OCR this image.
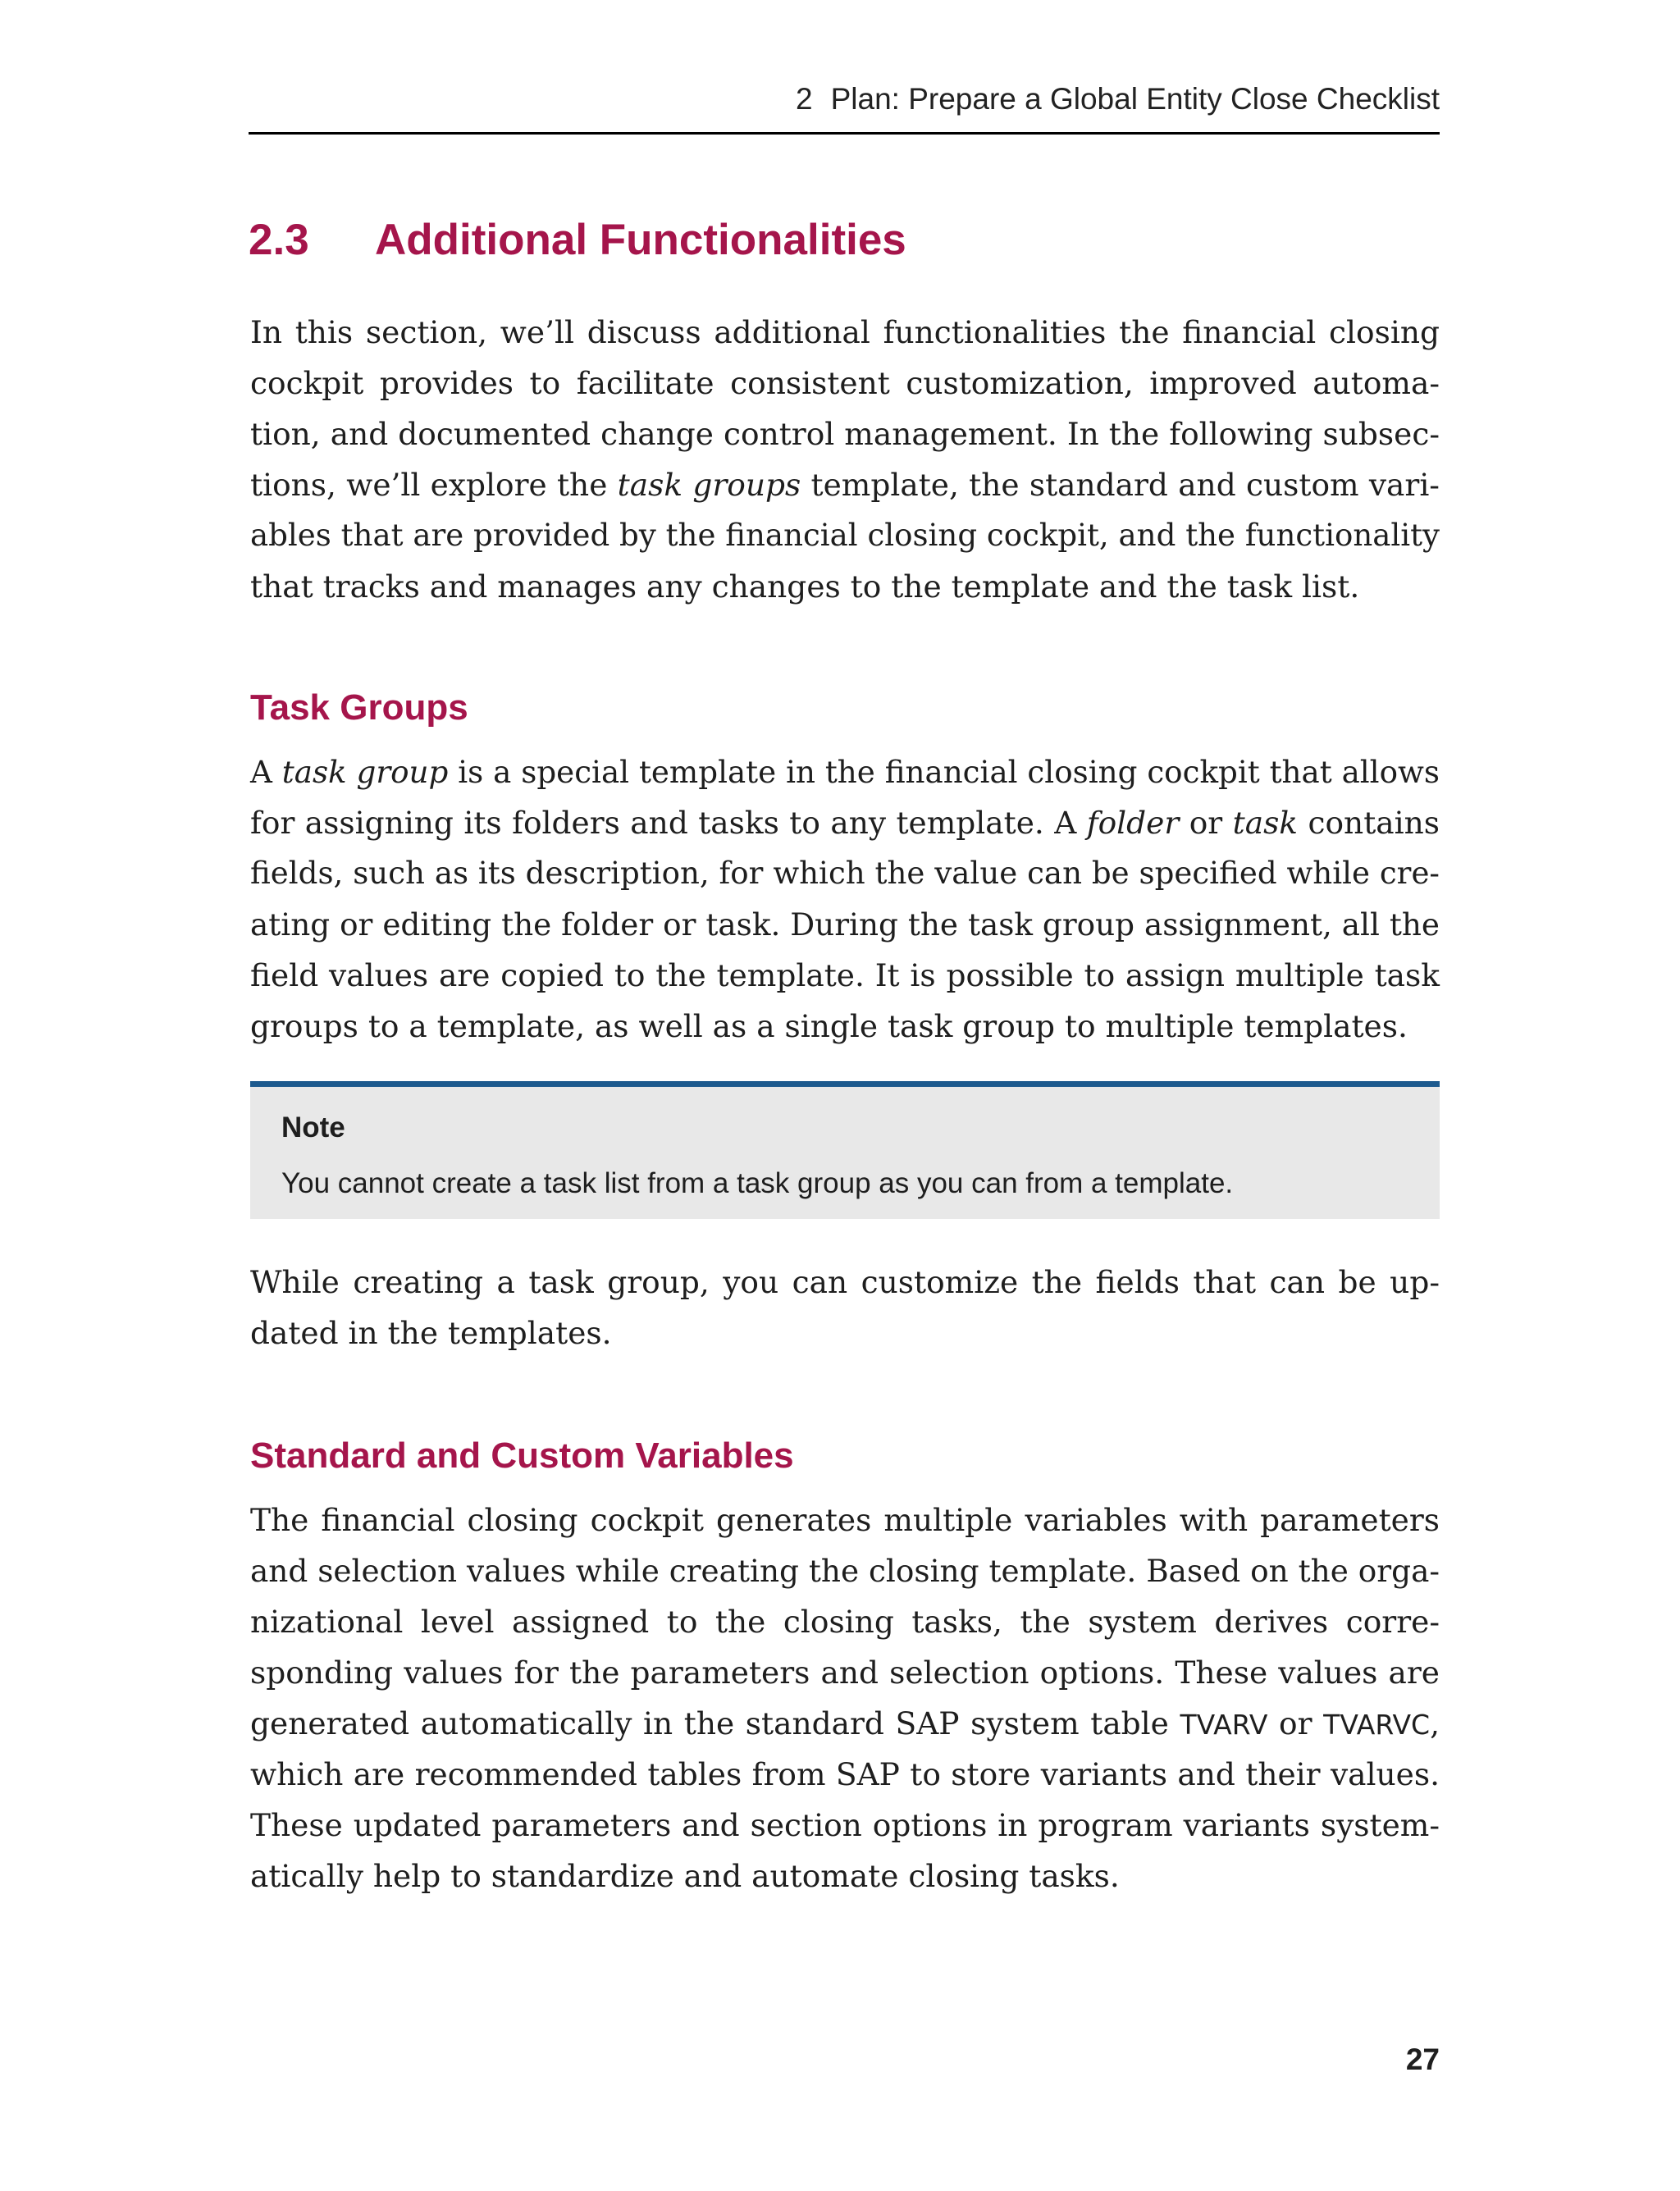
2 Plan: Prepare a Global Entity Close Checklist
2.3 Additional Functionalities
In this section, we’ll discuss additional functionalities the financial closing
cockpit provides to facilitate consistent customization, improved automa-
tion, and documented change control management. In the following subsec-
tions, we’ll explore the task groups template, the standard and custom vari-
ables that are provided by the financial closing cockpit, and the functionality
that tracks and manages any changes to the template and the task list.
Task Groups
A task group is a special template in the financial closing cockpit that allows
for assigning its folders and tasks to any template. A folder or task contains
fields, such as its description, for which the value can be specified while cre-
ating or editing the folder or task. During the task group assignment, all the
field values are copied to the template. It is possible to assign multiple task
groups to a template, as well as a single task group to multiple templates.
Note
You cannot create a task list from a task group as you can from a template.
While creating a task group, you can customize the fields that can be up-
dated in the templates.
Standard and Custom Variables
The financial closing cockpit generates multiple variables with parameters
and selection values while creating the closing template. Based on the orga-
nizational level assigned to the closing tasks, the system derives corre-
sponding values for the parameters and selection options. These values are
generated automatically in the standard SAP system table TVARV or TVARVC,
which are recommended tables from SAP to store variants and their values.
These updated parameters and section options in program variants system-
atically help to standardize and automate closing tasks.
27
